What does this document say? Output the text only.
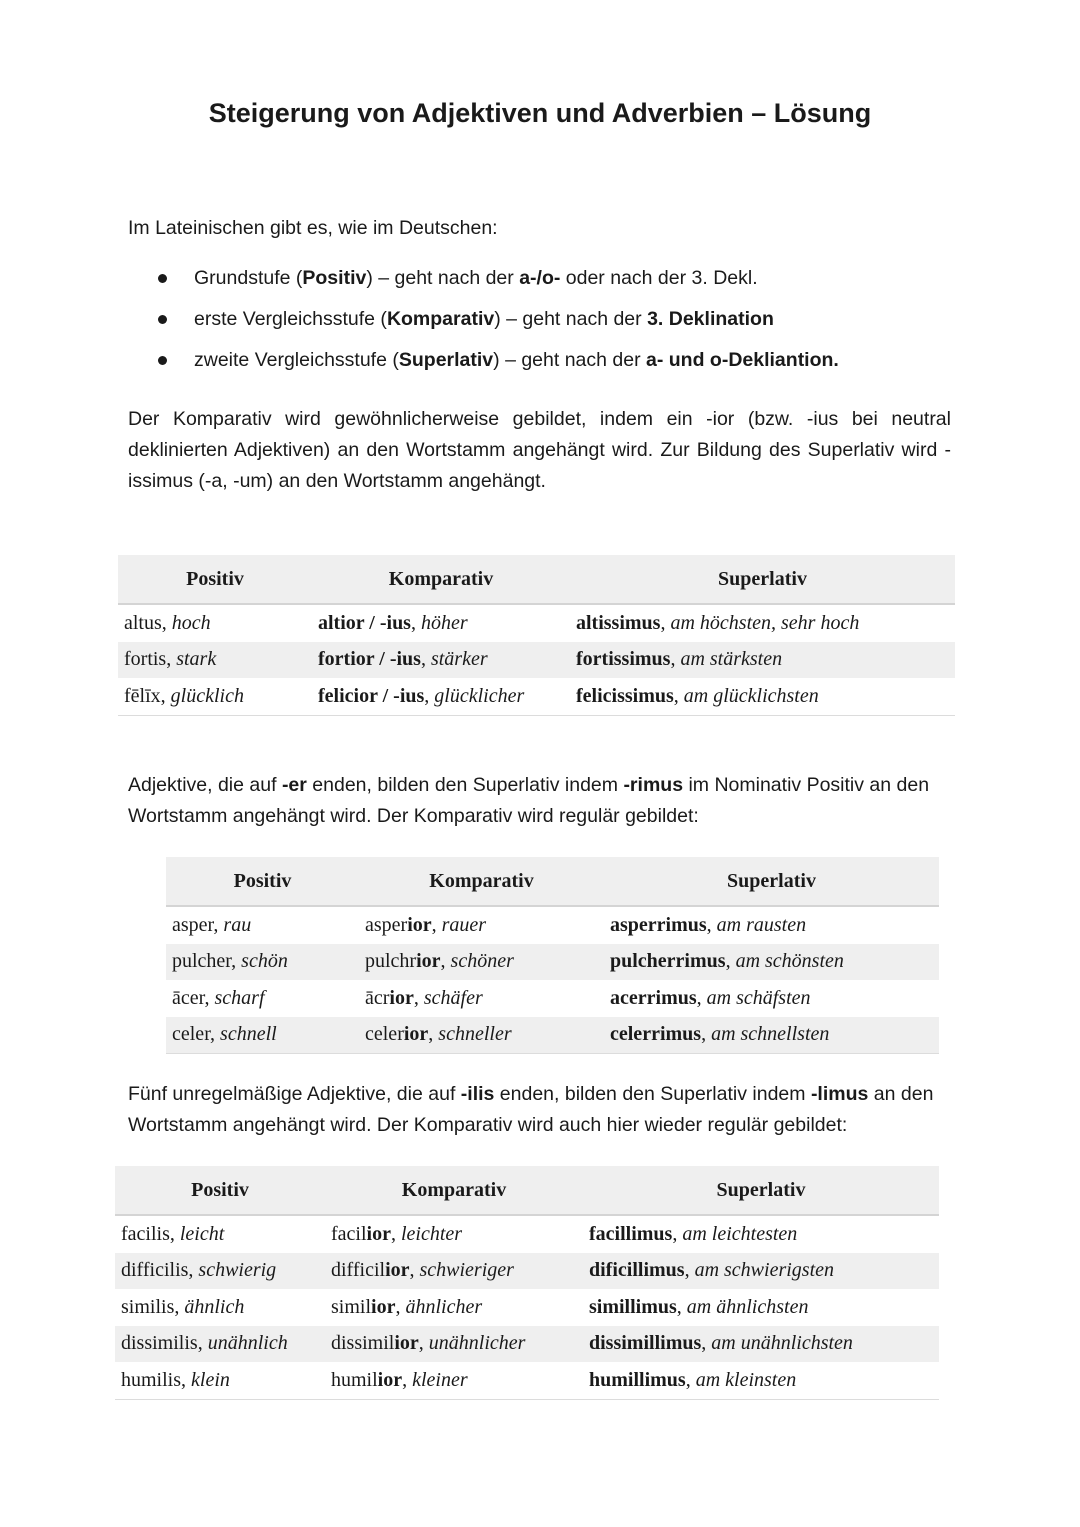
Steigerung von Adjektiven und Adverbien – Lösung

Im Lateinischen gibt es, wie im Deutschen:

Grundstufe (Positiv) – geht nach der a-/o- oder nach der 3. Dekl.
erste Vergleichsstufe (Komparativ) – geht nach der 3. Deklination
zweite Vergleichsstufe (Superlativ) – geht nach der a- und o-Dekliantion.

Der Komparativ wird gewöhnlicherweise gebildet, indem ein -ior (bzw. -ius bei neutral deklinierten Adjektiven) an den Wortstamm angehängt wird. Zur Bildung des Superlativ wird -issimus (-a, -um) an den Wortstamm angehängt.

Positiv	Komparativ	Superlativ
altus, hoch	altior / -ius, höher	altissimus, am höchsten, sehr hoch
fortis, stark	fortior / -ius, stärker	fortissimus, am stärksten
fēlīx, glücklich	felicior / -ius, glücklicher	felicissimus, am glücklichsten

Adjektive, die auf -er enden, bilden den Superlativ indem -rimus im Nominativ Positiv an den Wortstamm angehängt wird. Der Komparativ wird regulär gebildet:

Positiv	Komparativ	Superlativ
asper, rau	asperior, rauer	asperrimus, am rausten
pulcher, schön	pulchrior, schöner	pulcherrimus, am schönsten
ācer, scharf	ācrior, schäfer	acerrimus, am schäfsten
celer, schnell	celerior, schneller	celerrimus, am schnellsten

Fünf unregelmäßige Adjektive, die auf -ilis enden, bilden den Superlativ indem -limus an den Wortstamm angehängt wird. Der Komparativ wird auch hier wieder regulär gebildet:

Positiv	Komparativ	Superlativ
facilis, leicht	facilior, leichter	facillimus, am leichtesten
difficilis, schwierig	difficilior, schwieriger	dificillimus, am schwierigsten
similis, ähnlich	similior, ähnlicher	simillimus, am ähnlichsten
dissimilis, unähnlich	dissimilior, unähnlicher	dissimillimus, am unähnlichsten
humilis, klein	humilior, kleiner	humillimus, am kleinsten
